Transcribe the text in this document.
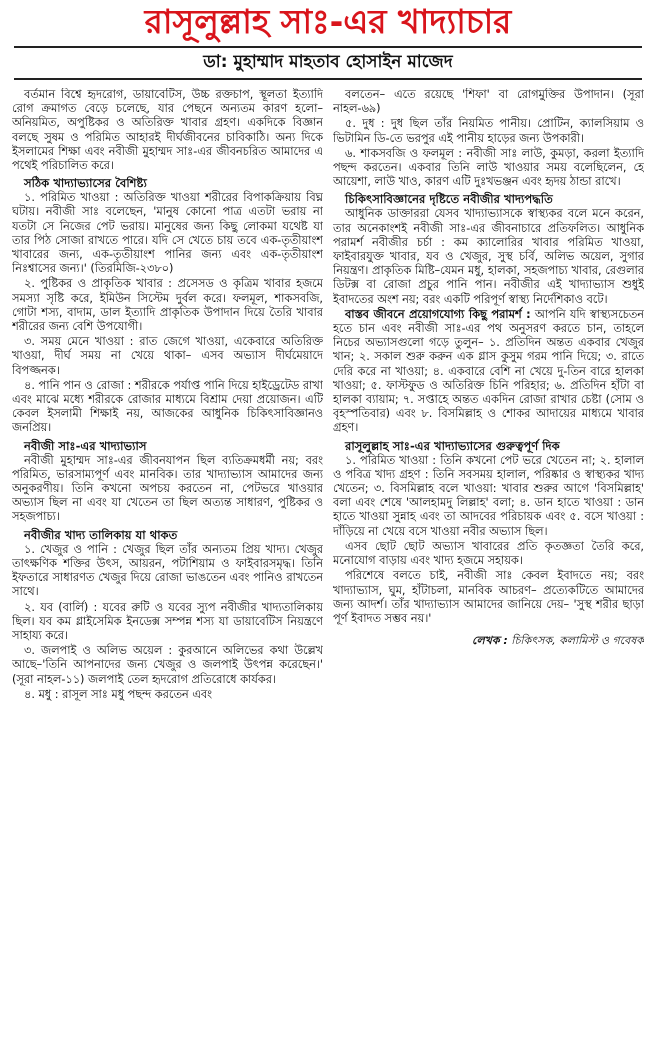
রাসূলুল্লাহ সাঃ-এর খাদ্যাচার
ডা: মুহাম্মাদ মাহতাব হোসাইন মাজেদ

বর্তমান বিশ্বে হৃদরোগ, ডায়াবেটিস, উচ্চ রক্তচাপ, স্থূলতা ইত্যাদি রোগ ক্রমাগত বেড়ে চলেছে, যার পেছনে অন্যতম কারণ হলো– অনিয়মিত, অপুষ্টিকর ও অতিরিক্ত খাবার গ্রহণ। একদিকে বিজ্ঞান বলছে সুষম ও পরিমিত আহারই দীর্ঘজীবনের চাবিকাঠি। অন্য দিকে ইসলামের শিক্ষা এবং নবীজী মুহাম্মদ সাঃ-এর জীবনচরিত আমাদের এ পথেই পরিচালিত করে।

সঠিক খাদ্যাভ্যাসের বৈশিষ্ট্য

১. পরিমিত খাওয়া : অতিরিক্ত খাওয়া শরীরের বিপাকক্রিয়ায় বিঘ্ন ঘটায়। নবীজী সাঃ বলেছেন, 'মানুষ কোনো পাত্র এতটা ভরায় না যতটা সে নিজের পেট ভরায়। মানুষের জন্য কিছু লোকমা যথেষ্ট যা তার পিঠ সোজা রাখতে পারে। যদি সে খেতে চায় তবে এক-তৃতীয়াংশ খাবারের জন্য, এক-তৃতীয়াংশ পানির জন্য এবং এক-তৃতীয়াংশ নিঃশ্বাসের জন্য।' (তিরমিজি-২৩৮০)

২. পুষ্টিকর ও প্রাকৃতিক খাবার : প্রসেসড ও কৃত্রিম খাবার হজমে সমস্যা সৃষ্টি করে, ইমিউন সিস্টেম দুর্বল করে। ফলমূল, শাকসবজি, গোটা শস্য, বাদাম, ডাল ইত্যাদি প্রাকৃতিক উপাদান দিয়ে তৈরি খাবার শরীরের জন্য বেশি উপযোগী।

৩. সময় মেনে খাওয়া : রাত জেগে খাওয়া, একেবারে অতিরিক্ত খাওয়া, দীর্ঘ সময় না খেয়ে থাকা– এসব অভ্যাস দীর্ঘমেয়াদে বিপজ্জনক।

৪. পানি পান ও রোজা : শরীরকে পর্যাপ্ত পানি দিয়ে হাইড্রেটেড রাখা এবং মাঝে মধ্যে শরীরকে রোজার মাধ্যমে বিশ্রাম দেয়া প্রয়োজন। এটি কেবল ইসলামী শিক্ষাই নয়, আজকের আধুনিক চিকিৎসাবিজ্ঞানও জনপ্রিয়।

নবীজী সাঃ-এর খাদ্যাভ্যাস

নবীজী মুহাম্মদ সাঃ-এর জীবনযাপন ছিল ব্যতিক্রমধর্মী নয়; বরং পরিমিত, ভারসাম্যপূর্ণ এবং মানবিক। তার খাদ্যাভ্যাস আমাদের জন্য অনুকরণীয়। তিনি কখনো অপচয় করতেন না, পেটভরে খাওয়ার অভ্যাস ছিল না এবং যা খেতেন তা ছিল অত্যন্ত সাধারণ, পুষ্টিকর ও সহজপাচ্য।

নবীজীর খাদ্য তালিকায় যা থাকত

১. খেজুর ও পানি : খেজুর ছিল তাঁর অন্যতম প্রিয় খাদ্য। খেজুর তাৎক্ষণিক শক্তির উৎস, আয়রন, পটাশিয়াম ও ফাইবারসমৃদ্ধ। তিনি ইফতারে সাধারণত খেজুর দিয়ে রোজা ভাঙতেন এবং পানিও রাখতেন সাথে।

২. যব (বার্লি) : যবের রুটি ও যবের স্যুপ নবীজীর খাদ্যতালিকায় ছিল। যব কম গ্লাইসেমিক ইনডেক্স সম্পন্ন শস্য যা ডায়াবেটিস নিয়ন্ত্রণে সাহায্য করে।

৩. জলপাই ও অলিভ অয়েল : কুরআনে অলিভের কথা উল্লেখ আছে–'তিনি আপনাদের জন্য খেজুর ও জলপাই উৎপন্ন করেছেন।' (সূরা নাহল-১১) জলপাই তেল হৃদরোগ প্রতিরোধে কার্যকর।

৪. মধু : রাসূল সাঃ মধু পছন্দ করতেন এবং

বলতেন– এতে রয়েছে 'শিফা' বা রোগমুক্তির উপাদান। (সূরা নাহল-৬৯)

৫. দুধ : দুধ ছিল তাঁর নিয়মিত পানীয়। প্রোটিন, ক্যালসিয়াম ও ভিটামিন ডি-তে ভরপুর এই পানীয় হাড়ের জন্য উপকারী।

৬. শাকসবজি ও ফলমূল : নবীজী সাঃ লাউ, কুমড়া, করলা ইত্যাদি পছন্দ করতেন। একবার তিনি লাউ খাওয়ার সময় বলেছিলেন, হে আয়েশা, লাউ খাও, কারণ এটি দুঃখভঞ্জন এবং হৃদয় ঠান্ডা রাখে।

চিকিৎসাবিজ্ঞানের দৃষ্টিতে নবীজীর খাদ্যপদ্ধতি

আধুনিক ডাক্তাররা যেসব খাদ্যাভ্যাসকে স্বাস্থ্যকর বলে মনে করেন, তার অনেকাংশই নবীজী সাঃ-এর জীবনাচারে প্রতিফলিত। আধুনিক পরামর্শ নবীজীর চর্চা : কম ক্যালোরির খাবার পরিমিত খাওয়া, ফাইবারযুক্ত খাবার, যব ও খেজুর, সুস্থ চর্বি, অলিভ অয়েল, সুগার নিয়ন্ত্রণ। প্রাকৃতিক মিষ্টি–যেমন মধু, হালকা, সহজপাচ্য খাবার, রেগুলার ডিটক্স বা রোজা প্রচুর পানি পান। নবীজীর এই খাদ্যাভ্যাস শুধুই ইবাদতের অংশ নয়; বরং একটি পরিপূর্ণ স্বাস্থ্য নির্দেশিকাও বটে।

বাস্তব জীবনে প্রয়োগযোগ্য কিছু পরামর্শ : আপনি যদি স্বাস্থ্যসচেতন হতে চান এবং নবীজী সাঃ-এর পথ অনুসরণ করতে চান, তাহলে নিচের অভ্যাসগুলো গড়ে তুলুন– ১. প্রতিদিন অন্তত একবার খেজুর খান; ২. সকাল শুরু করুন এক গ্লাস কুসুম গরম পানি দিয়ে; ৩. রাতে দেরি করে না খাওয়া; ৪. একবারে বেশি না খেয়ে দু-তিন বারে হালকা খাওয়া; ৫. ফাস্টফুড ও অতিরিক্ত চিনি পরিহার; ৬. প্রতিদিন হাঁটা বা হালকা ব্যায়াম; ৭. সপ্তাহে অন্তত একদিন রোজা রাখার চেষ্টা (সোম ও বৃহস্পতিবার) এবং ৮. বিসমিল্লাহ ও শোকর আদায়ের মাধ্যমে খাবার গ্রহণ।

রাসূলুল্লাহ সাঃ-এর খাদ্যাভ্যাসের গুরুত্বপূর্ণ দিক

১. পরিমিত খাওয়া : তিনি কখনো পেট ভরে খেতেন না; ২. হালাল ও পবিত্র খাদ্য গ্রহণ : তিনি সবসময় হালাল, পরিষ্কার ও স্বাস্থ্যকর খাদ্য খেতেন; ৩. বিসমিল্লাহ বলে খাওয়া: খাবার শুরুর আগে 'বিসমিল্লাহ' বলা এবং শেষে 'আলহামদু লিল্লাহ' বলা; ৪. ডান হাতে খাওয়া : ডান হাতে খাওয়া সুন্নাহ এবং তা আদবের পরিচায়ক এবং ৫. বসে খাওয়া : দাঁড়িয়ে না খেয়ে বসে খাওয়া নবীর অভ্যাস ছিল।

এসব ছোট ছোট অভ্যাস খাবারের প্রতি কৃতজ্ঞতা তৈরি করে, মনোযোগ বাড়ায় এবং খাদ্য হজমে সহায়ক।

পরিশেষে বলতে চাই, নবীজী সাঃ কেবল ইবাদতে নয়; বরং খাদ্যাভ্যাস, ঘুম, হাঁটাচলা, মানবিক আচরণ– প্রত্যেকটিতে আমাদের জন্য আদর্শ। তাঁর খাদ্যাভ্যাস আমাদের জানিয়ে দেয়– 'সুস্থ শরীর ছাড়া পূর্ণ ইবাদত সম্ভব নয়।'

লেখক : চিকিৎসক, কলামিস্ট ও গবেষক
